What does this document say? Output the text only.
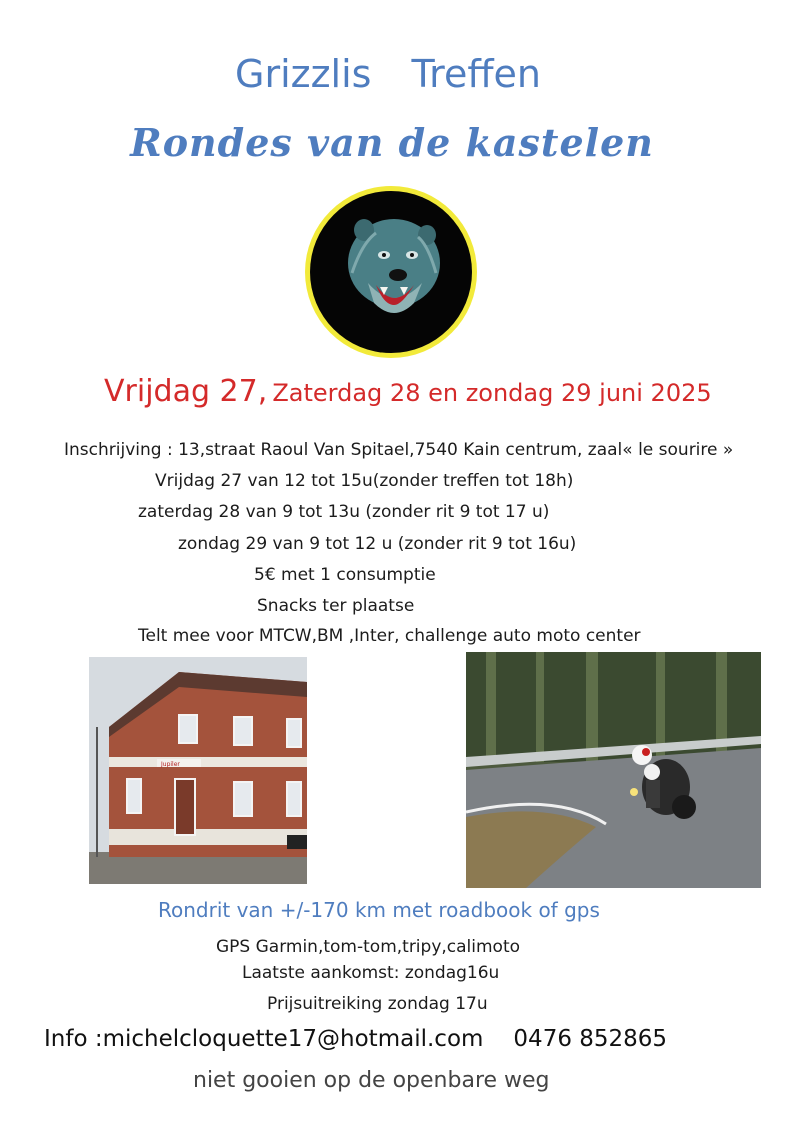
Grizzlis Treffen
Rondes van de kastelen
Vrijdag 27, Zaterdag 28 en zondag 29 juni 2025
Inschrijving : 13,straat Raoul Van Spitael,7540 Kain centrum, zaal« le sourire »
Vrijdag 27 van 12 tot 15u(zonder treffen tot 18h)
zaterdag 28 van 9 tot 13u (zonder rit 9 tot 17 u)
zondag 29 van 9 tot 12 u (zonder rit 9 tot 16u)
5€ met 1 consumptie
Snacks ter plaatse
Telt mee voor MTCW,BM ,Inter, challenge auto moto center
Jupiler
Rondrit van +/-170 km met roadbook of gps
GPS Garmin,tom-tom,tripy,calimoto
Laatste aankomst: zondag16u
Prijsuitreiking zondag 17u
Info :michelcloquette17@hotmail.com 0476 852865
niet gooien op de openbare weg
